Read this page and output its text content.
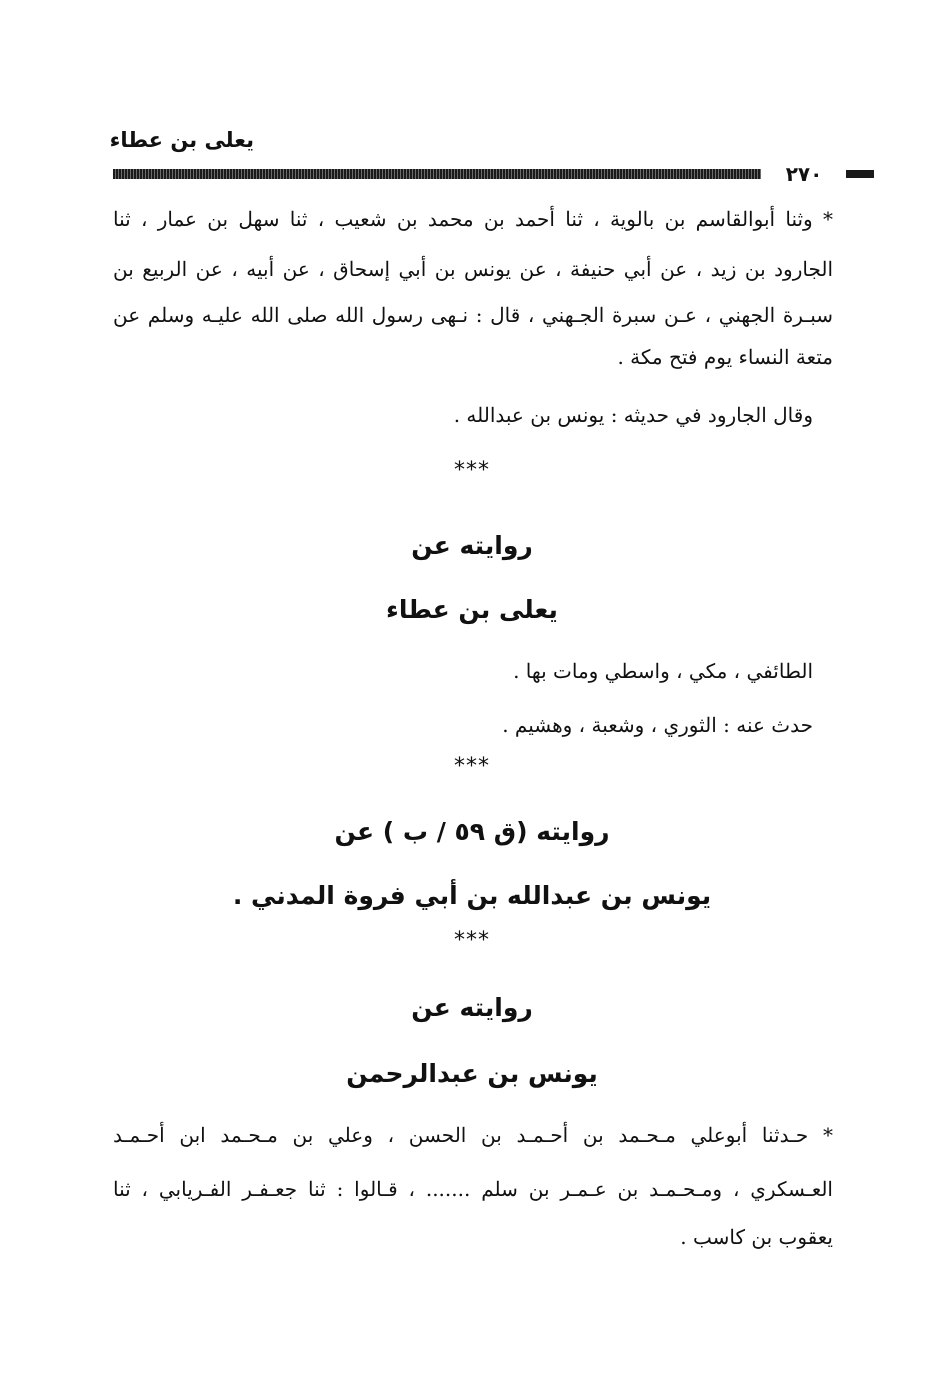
يعلى بن عطاء
٢٧٠
* وثنا أبوالقاسم بن بالوية ، ثنا أحمد بن محمد بن شعيب ، ثنا سهل بن عمار ، ثنا
الجارود بن زيد ، عن أبي حنيفة ، عن يونس بن أبي إسحاق ، عن أبيه ، عن الربيع بن
سبـرة الجهني ، عـن سبرة الجـهني ، قال : نـهى رسول الله صلى الله عليـه وسلم عن
متعة النساء يوم فتح مكة .
وقال الجارود في حديثه : يونس بن عبدالله .
***
روايته عن
يعلى بن عطاء
الطائفي ، مكي ، واسطي ومات بها .
حدث عنه : الثوري ، وشعبة ، وهشيم .
***
روايته (ق ٥٩ / ب ) عن
يونس بن عبدالله بن أبي فروة المدني .
***
روايته عن
يونس بن عبدالرحمن
* حـدثنا أبوعلي مـحـمد بن أحـمـد بن الحسن ، وعلي بن مـحـمد ابن أحـمـد
العـسكري ، ومـحـمـد بن عـمـر بن سلم ....... ، قـالوا : ثنا جعـفـر الفـريابي ، ثنا
يعقوب بن كاسب .
